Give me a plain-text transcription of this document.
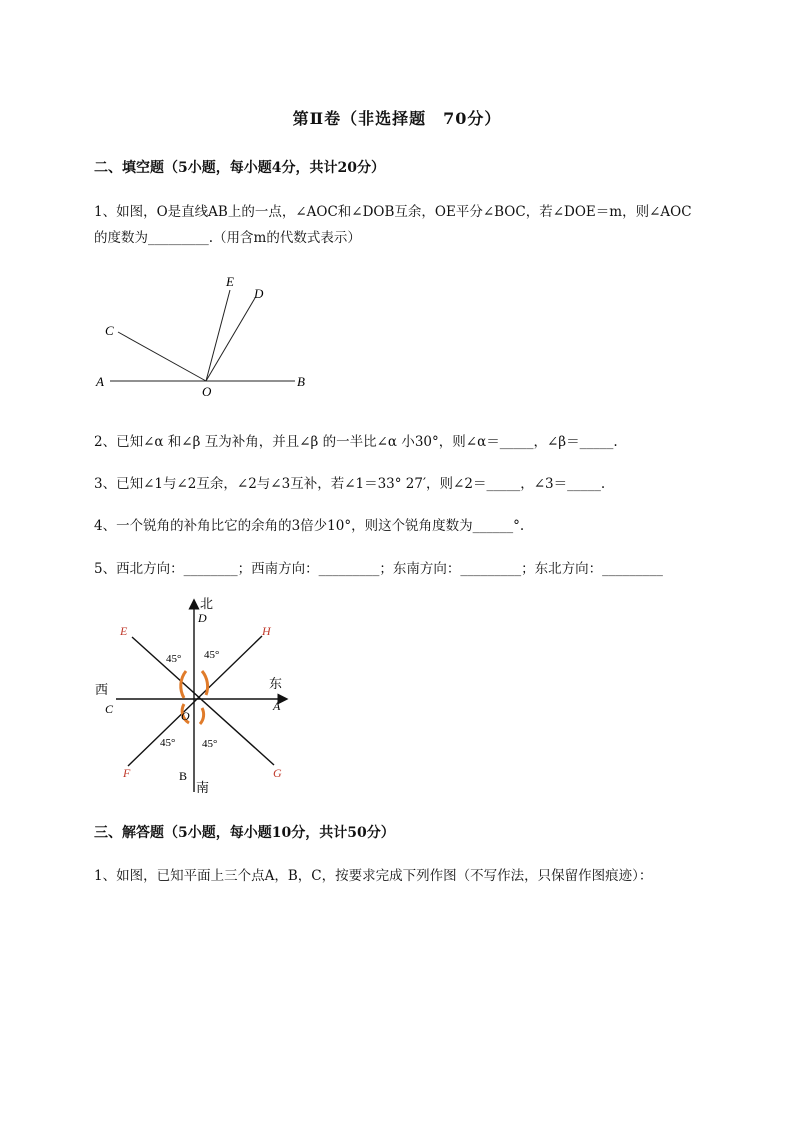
第Ⅱ卷（非选择题　70分）
二、填空题（5小题，每小题4分，共计20分）
1、如图，O是直线AB上的一点，∠AOC和∠DOB互余，OE平分∠BOC，若∠DOE＝m，则∠AOC
的度数为_________.（用含m的代数式表示）
A	B
C
E
D
O
2、已知∠α 和∠β 互为补角，并且∠β 的一半比∠α 小30°，则∠α＝_____，∠β＝_____.
3、已知∠1与∠2互余，∠2与∠3互补，若∠1＝33° 27′，则∠2＝_____，∠3＝_____.
4、一个锐角的补角比它的余角的3倍少10°，则这个锐角度数为______°.
5、西北方向：________；西南方向：_________；东南方向：_________；东北方向：_________
北
D
南
B
东
A
西
C
E	H
F	G
O
45° 45°
45° 45°
三、解答题（5小题，每小题10分，共计50分）
1、如图，已知平面上三个点A，B，C，按要求完成下列作图（不写作法，只保留作图痕迹）：
